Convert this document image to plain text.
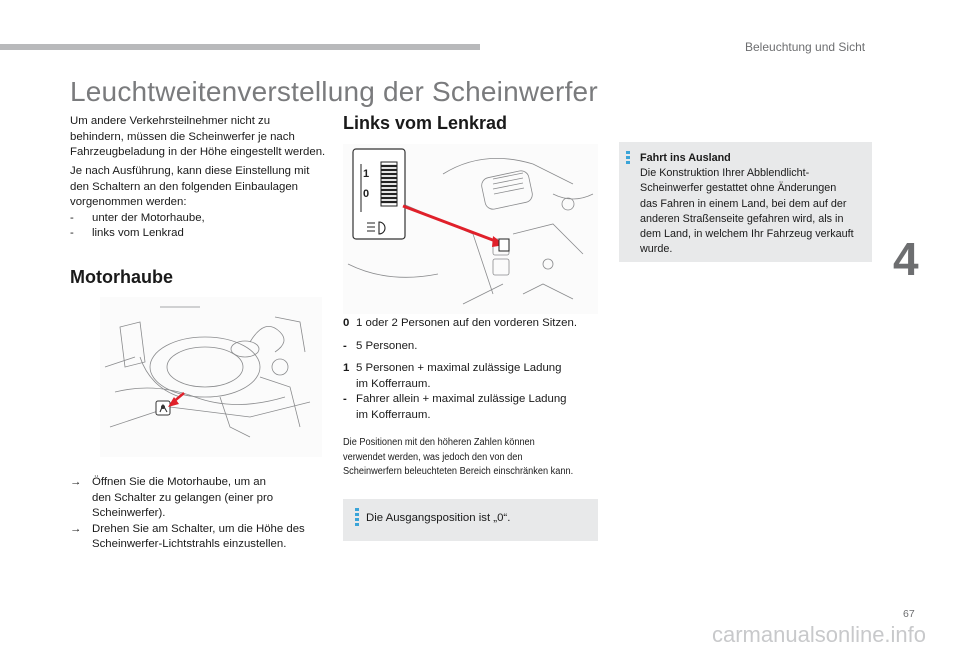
Beleuchtung und Sicht
4
Leuchtweitenverstellung der Scheinwerfer
Um andere Verkehrsteilnehmer nicht zu
behindern, müssen die Scheinwerfer je nach
Fahrzeugbeladung in der Höhe eingestellt werden.
Je nach Ausführung, kann diese Einstellung mit
den Schaltern an den folgenden Einbaulagen
vorgenommen werden:
-	unter der Motorhaube,
-	links vom Lenkrad
Motorhaube
→ Öffnen Sie die Motorhaube, um an
den Schalter zu gelangen (einer pro
Scheinwerfer).
→ Drehen Sie am Schalter, um die Höhe des
Scheinwerfer-Lichtstrahls einzustellen.
Links vom Lenkrad
1
0
0 1 oder 2 Personen auf den vorderen Sitzen.
- 5 Personen.
1 5 Personen + maximal zulässige Ladung
im Kofferraum.
- Fahrer allein + maximal zulässige Ladung
im Kofferraum.
Die Positionen mit den höheren Zahlen können
verwendet werden, was jedoch den von den
Scheinwerfern beleuchteten Bereich einschränken kann.
Die Ausgangsposition ist „0“.
Fahrt ins Ausland
Die Konstruktion Ihrer Abblendlicht-
Scheinwerfer gestattet ohne Änderungen
das Fahren in einem Land, bei dem auf der
anderen Straßenseite gefahren wird, als in
dem Land, in welchem Ihr Fahrzeug verkauft
wurde.
67
carmanualsonline.info
